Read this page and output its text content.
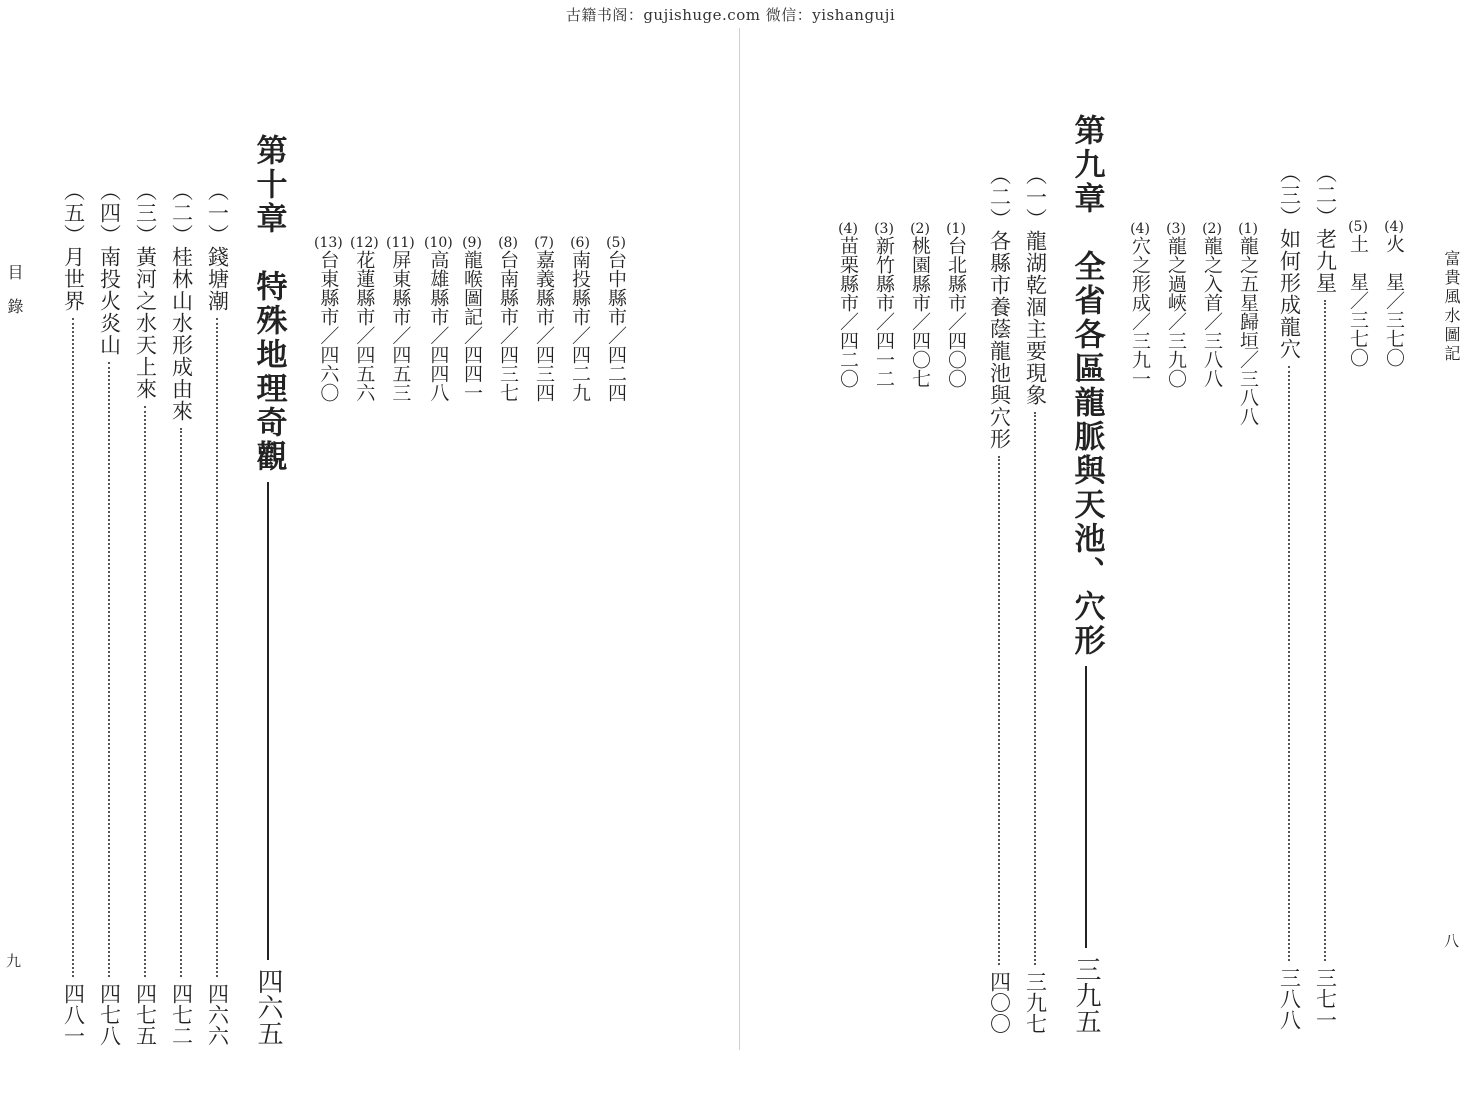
古籍书阁：gujishuge.com 微信：yishanguji
富貴風水圖記
八
(4)火　星／三七〇
(5)土　星／三七〇
（二）老九星
三七一
（三）如何形成龍穴
三八八
(1)龍之五星歸垣／三八八
(2)龍之入首／三八八
(3)龍之過峽／三九〇
(4)穴之形成／三九一
第九章　全省各區龍脈與天池、穴形
三九五
（一）龍湖乾涸主要現象
三九七
（二）各縣市養蔭龍池與穴形
四〇〇
(1)台北縣市／四〇〇
(2)桃園縣市／四〇七
(3)新竹縣市／四一二
(4)苗栗縣市／四二〇
(5)台中縣市／四二四
(6)南投縣市／四二九
(7)嘉義縣市／四三四
(8)台南縣市／四三七
(9)龍喉圖記／四四一
(10)高雄縣市／四四八
(11)屏東縣市／四五三
(12)花蓮縣市／四五六
(13)台東縣市／四六〇
第十章　特殊地理奇觀
四六五
（一）錢塘潮
四六六
（二）桂林山水形成由來
四七二
（三）黃河之水天上來
四七五
（四）南投火炎山
四七八
（五）月世界
四八一
目錄
九
